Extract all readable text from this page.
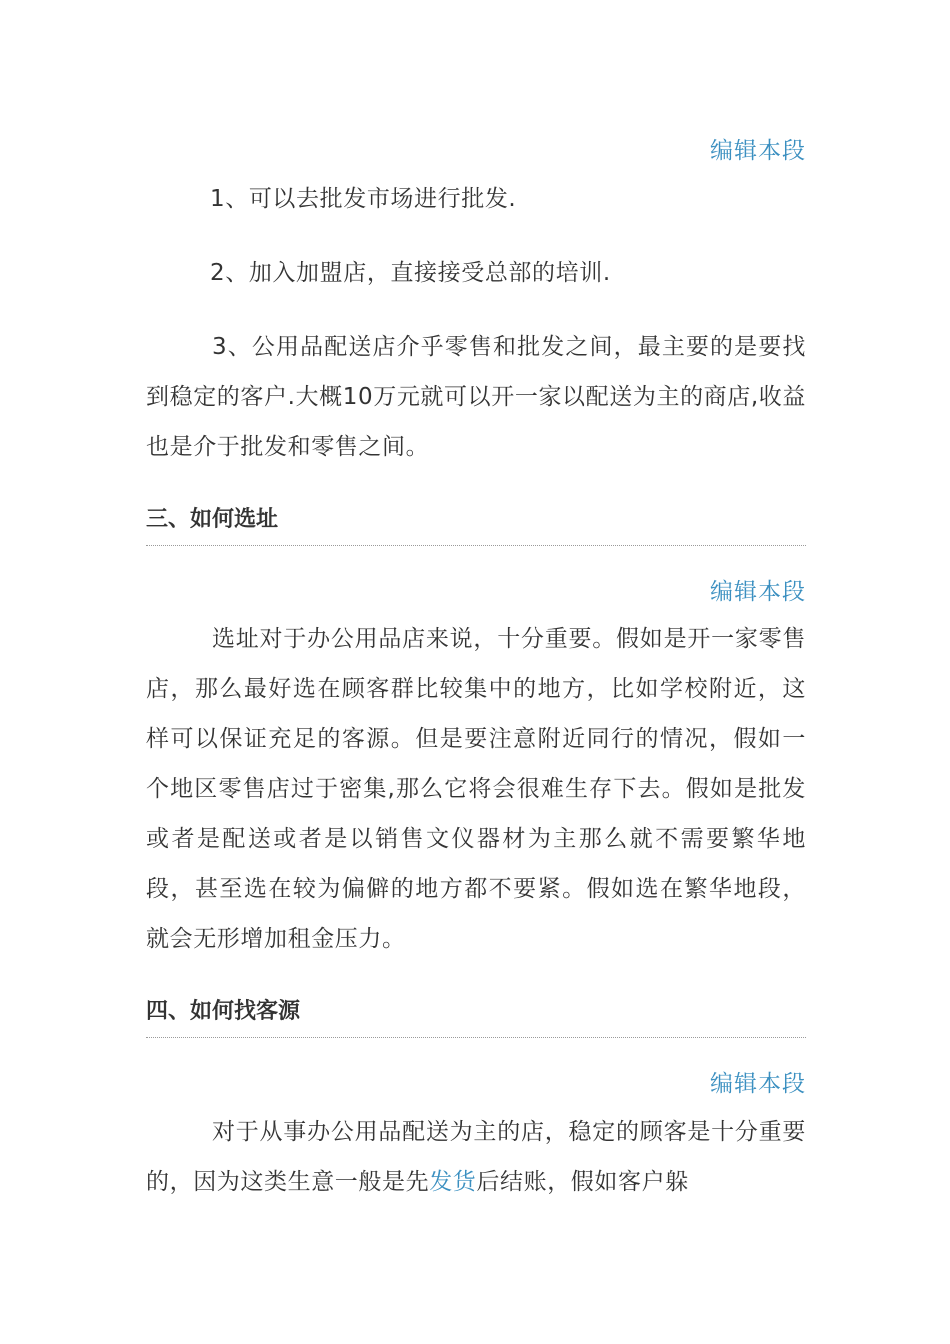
编辑本段

1、可以去批发市场进行批发.

2、加入加盟店，直接接受总部的培训.

3、公用品配送店介乎零售和批发之间，最主要的是要找到稳定的客户.大概10万元就可以开一家以配送为主的商店,收益也是介于批发和零售之间。

三、如何选址
编辑本段

选址对于办公用品店来说，十分重要。假如是开一家零售店，那么最好选在顾客群比较集中的地方，比如学校附近，这样可以保证充足的客源。但是要注意附近同行的情况，假如一个地区零售店过于密集,那么它将会很难生存下去。假如是批发或者是配送或者是以销售文仪器材为主那么就不需要繁华地段，甚至选在较为偏僻的地方都不要紧。假如选在繁华地段，就会无形增加租金压力。

四、如何找客源
编辑本段

对于从事办公用品配送为主的店，稳定的顾客是十分重要的，因为这类生意一般是先发货后结账，假如客户躲
